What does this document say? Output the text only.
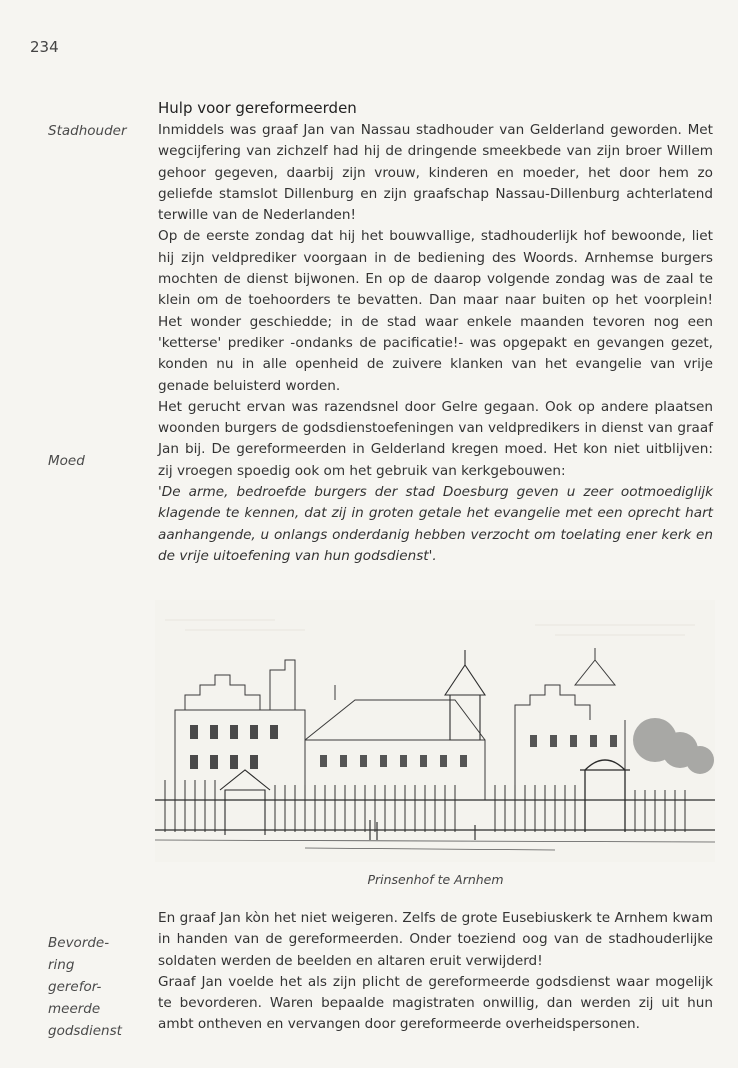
234
Hulp voor gereformeerden
Stadhouder
Moed
Bevorde-
ring
gerefor-
meerde
godsdienst

Inmiddels was graaf Jan van Nassau stadhouder van Gelderland geworden. Met wegcijfering van zichzelf had hij de dringende smeekbede van zijn broer Willem gehoor gegeven, daarbij zijn vrouw, kinderen en moeder, het door hem zo geliefde stamslot Dillenburg en zijn graafschap Nassau-Dillenburg achterlatend terwille van de Nederlanden!

Op de eerste zondag dat hij het bouwvallige, stadhouderlijk hof bewoonde, liet hij zijn veldprediker voorgaan in de bediening des Woords. Arnhemse burgers mochten de dienst bijwonen. En op de daarop volgende zondag was de zaal te klein om de toehoorders te bevatten. Dan maar naar buiten op het voorplein! Het wonder geschiedde; in de stad waar enkele maanden tevoren nog een 'ketterse' prediker -ondanks de pacificatie!- was opgepakt en gevangen gezet, konden nu in alle openheid de zuivere klanken van het evangelie van vrije genade beluisterd worden.

Het gerucht ervan was razendsnel door Gelre gegaan. Ook op andere plaatsen woonden burgers de godsdienstoefeningen van veldpredikers in dienst van graaf Jan bij. De gereformeerden in Gelderland kregen moed. Het kon niet uitblijven: zij vroegen spoedig ook om het gebruik van kerkgebouwen:

'De arme, bedroefde burgers der stad Doesburg geven u zeer ootmoediglijk klagende te kennen, dat zij in groten getale het evangelie met een oprecht hart aanhangende, u onlangs onderdanig hebben verzocht om toelating ener kerk en de vrije uitoefening van hun godsdienst'.

Prinsenhof te Arnhem

En graaf Jan kòn het niet weigeren. Zelfs de grote Eusebiuskerk te Arnhem kwam in handen van de gereformeerden. Onder toeziend oog van de stadhouderlijke soldaten werden de beelden en altaren eruit verwijderd!

Graaf Jan voelde het als zijn plicht de gereformeerde godsdienst waar mogelijk te bevorderen. Waren bepaalde magistraten onwillig, dan werden zij uit hun ambt ontheven en vervangen door gereformeerde overheidspersonen.
